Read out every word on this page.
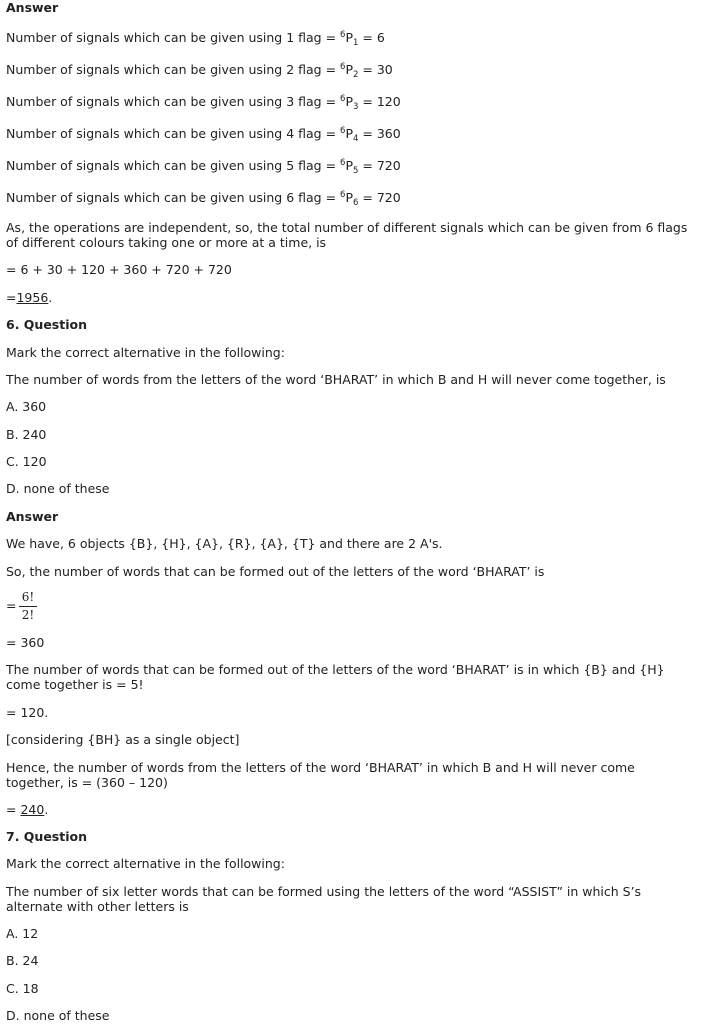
Answer
Number of signals which can be given using 1 flag = $^6P_1 = 6$
Number of signals which can be given using 2 flag = $^6P_2 = 30$
Number of signals which can be given using 3 flag = $^6P_3 = 120$
Number of signals which can be given using 4 flag = $^6P_4 = 360$
Number of signals which can be given using 5 flag = $^6P_5 = 720$
Number of signals which can be given using 6 flag = $^6P_6 = 720$
As, the operations are independent, so, the total number of different signals which can be given from 6 flags of different colours taking one or more at a time, is
= 6 + 30 + 120 + 360 + 720 + 720
=1956.
6. Question
Mark the correct alternative in the following:
The number of words from the letters of the word ‘BHARAT’ in which B and H will never come together, is
A. 360
B. 240
C. 120
D. none of these
Answer
We have, 6 objects {B}, {H}, {A}, {R}, {A}, {T} and there are 2 A's.
So, the number of words that can be formed out of the letters of the word ‘BHARAT’ is
=
6!
2!
= 360
The number of words that can be formed out of the letters of the word ‘BHARAT’ is in which {B} and {H} come together is = 5!
= 120.
[considering {BH} as a single object]
Hence, the number of words from the letters of the word ‘BHARAT’ in which B and H will never come together, is = (360 – 120)
= 240.
7. Question
Mark the correct alternative in the following:
The number of six letter words that can be formed using the letters of the word “ASSIST” in which S’s alternate with other letters is
A. 12
B. 24
C. 18
D. none of these
